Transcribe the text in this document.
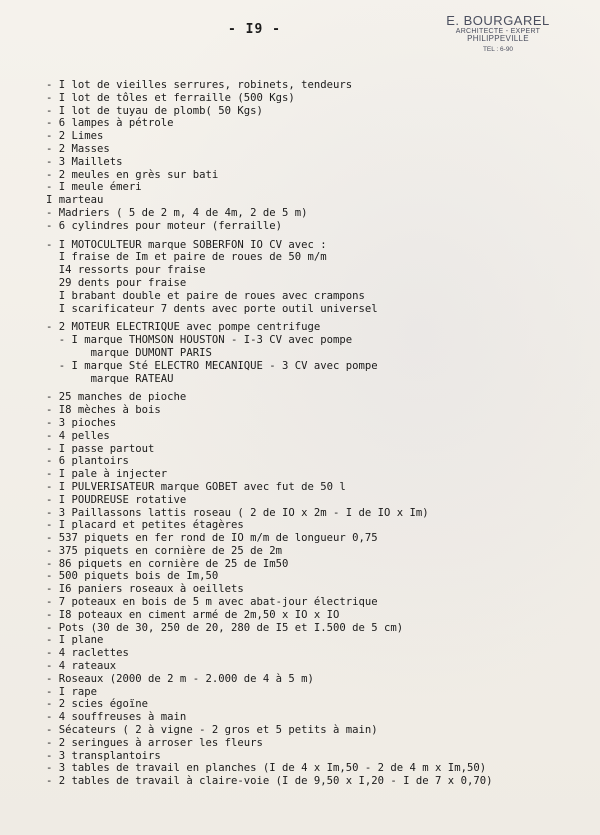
- I9 -
E. BOURGAREL
ARCHITECTE - EXPERT
PHILIPPEVILLE
TEL : 6-90
- I lot de vieilles serrures, robinets, tendeurs
- I lot de tôles et ferraille (500 Kgs)
- I lot de tuyau de plomb( 50 Kgs)
- 6 lampes à pétrole
- 2 Limes
- 2 Masses
- 3 Maillets
- 2 meules en grès sur bati
- I meule émeri
I marteau
- Madriers ( 5 de 2 m, 4 de 4m, 2 de 5 m)
- 6 cylindres pour moteur (ferraille)
- I MOTOCULTEUR marque SOBERFON IO CV avec :
I fraise de Im et paire de roues de 50 m/m
I4 ressorts pour fraise
29 dents pour fraise
I brabant double et paire de roues avec crampons
I scarificateur 7 dents avec porte outil universel
- 2 MOTEUR ELECTRIQUE avec pompe centrifuge
- I marque THOMSON HOUSTON - I-3 CV avec pompe
marque DUMONT PARIS
- I marque Sté ELECTRO MECANIQUE - 3 CV avec pompe
marque RATEAU
- 25 manches de pioche
- I8 mèches à bois
- 3 pioches
- 4 pelles
- I passe partout
- 6 plantoirs
- I pale à injecter
- I PULVERISATEUR marque GOBET avec fut de 50 l
- I POUDREUSE rotative
- 3 Paillassons lattis roseau ( 2 de IO x 2m - I de IO x Im)
- I placard et petites étagères
- 537 piquets en fer rond de IO m/m de longueur 0,75
- 375 piquets en cornière de 25 de 2m
- 86 piquets en cornière de 25 de Im50
- 500 piquets bois de Im,50
- I6 paniers roseaux à oeillets
- 7 poteaux en bois de 5 m avec abat-jour électrique
- I8 poteaux en ciment armé de 2m,50 x IO x IO
- Pots (30 de 30, 250 de 20, 280 de I5 et I.500 de 5 cm)
- I plane
- 4 raclettes
- 4 rateaux
- Roseaux (2000 de 2 m - 2.000 de 4 à 5 m)
- I rape
- 2 scies égoïne
- 4 souffreuses à main
- Sécateurs ( 2 à vigne - 2 gros et 5 petits à main)
- 2 seringues à arroser les fleurs
- 3 transplantoirs
- 3 tables de travail en planches (I de 4 x Im,50 - 2 de 4 m x Im,50)
- 2 tables de travail à claire-voie (I de 9,50 x I,20 - I de 7 x 0,70)
